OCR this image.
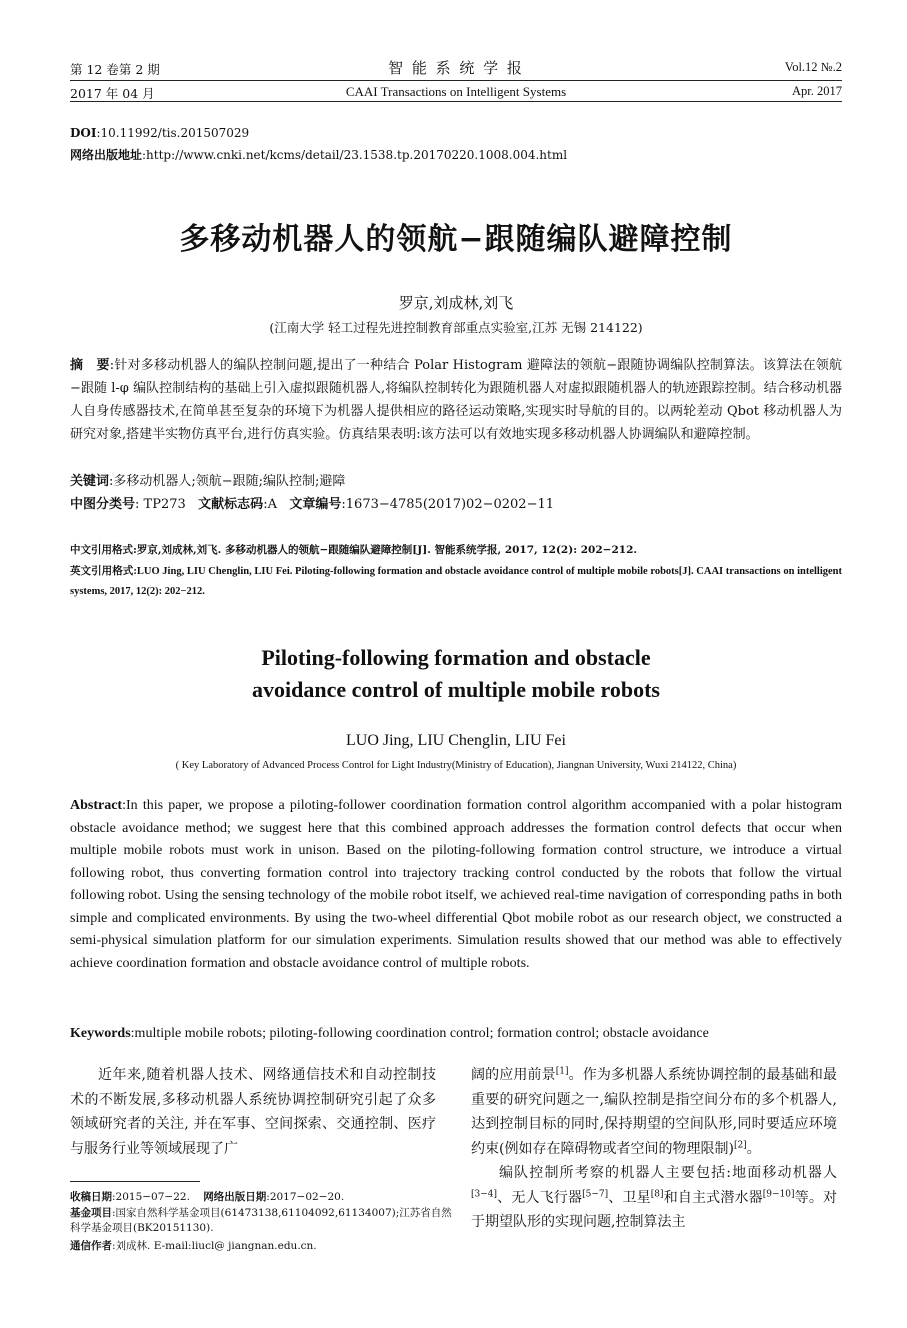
第 12 卷第 2 期
2017 年 04 月
智 能 系 统 学 报
CAAI Transactions on Intelligent Systems
Vol.12 №.2
Apr. 2017
DOI:10.11992/tis.201507029
网络出版地址:http://www.cnki.net/kcms/detail/23.1538.tp.20170220.1008.004.html
多移动机器人的领航−跟随编队避障控制
罗京,刘成林,刘飞
(江南大学 轻工过程先进控制教育部重点实验室,江苏 无锡 214122)
摘　要:针对多移动机器人的编队控制问题,提出了一种结合 Polar Histogram 避障法的领航−跟随协调编队控制算法。该算法在领航−跟随 l-φ 编队控制结构的基础上引入虚拟跟随机器人,将编队控制转化为跟随机器人对虚拟跟随机器人的轨迹跟踪控制。结合移动机器人自身传感器技术,在简单甚至复杂的环境下为机器人提供相应的路径运动策略,实现实时导航的目的。以两轮差动 Qbot 移动机器人为研究对象,搭建半实物仿真平台,进行仿真实验。仿真结果表明:该方法可以有效地实现多移动机器人协调编队和避障控制。
关键词:多移动机器人;领航−跟随;编队控制;避障
中图分类号: TP273 文献标志码:A 文章编号:1673−4785(2017)02−0202−11
中文引用格式:罗京,刘成林,刘飞. 多移动机器人的领航−跟随编队避障控制[J]. 智能系统学报, 2017, 12(2): 202−212.
英文引用格式:LUO Jing, LIU Chenglin, LIU Fei. Piloting-following formation and obstacle avoidance control of multiple mobile robots[J]. CAAI transactions on intelligent systems, 2017, 12(2): 202−212.
Piloting-following formation and obstacle
avoidance control of multiple mobile robots
LUO Jing, LIU Chenglin, LIU Fei
( Key Laboratory of Advanced Process Control for Light Industry(Ministry of Education), Jiangnan University, Wuxi 214122, China)
Abstract:In this paper, we propose a piloting-follower coordination formation control algorithm accompanied with a polar histogram obstacle avoidance method; we suggest here that this combined approach addresses the formation control defects that occur when multiple mobile robots must work in unison. Based on the piloting-following formation control structure, we introduce a virtual following robot, thus converting formation control into trajectory tracking control conducted by the robots that follow the virtual following robot. Using the sensing technology of the mobile robot itself, we achieved real-time navigation of corresponding paths in both simple and complicated environments. By using the two-wheel differential Qbot mobile robot as our research object, we constructed a semi-physical simulation platform for our simulation experiments. Simulation results showed that our method was able to effectively achieve coordination formation and obstacle avoidance control of multiple robots.
Keywords:multiple mobile robots; piloting-following coordination control; formation control; obstacle avoidance
近年来,随着机器人技术、网络通信技术和自动控制技术的不断发展,多移动机器人系统协调控制研究引起了众多领域研究者的关注, 并在军事、空间探索、交通控制、医疗与服务行业等领域展现了广
阔的应用前景[1]。作为多机器人系统协调控制的最基础和最重要的研究问题之一,编队控制是指空间分布的多个机器人,达到控制目标的同时,保持期望的空间队形,同时要适应环境约束(例如存在障碍物或者空间的物理限制)[2]。
编队控制所考察的机器人主要包括:地面移动机器人[3−4]、无人飞行器[5−7]、卫星[8]和自主式潜水器[9−10]等。对于期望队形的实现问题,控制算法主
收稿日期:2015−07−22. 网络出版日期:2017−02−20.
基金项目:国家自然科学基金项目(61473138,61104092,61134007);江苏省自然科学基金项目(BK20151130).
通信作者:刘成林. E-mail:liucl@ jiangnan.edu.cn.
